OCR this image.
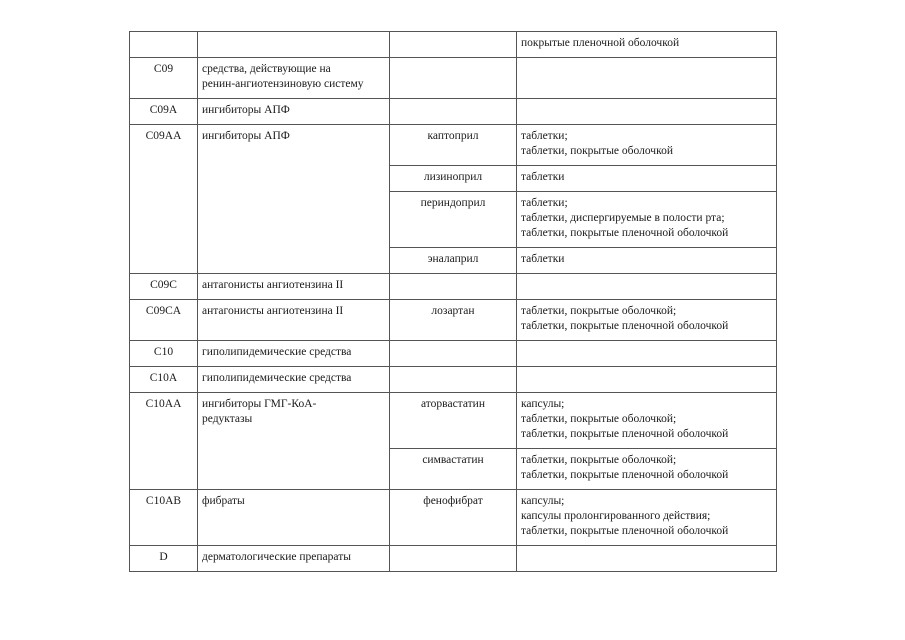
			покрытые пленочной оболочкой

C09	средства, действующие на
ренин-ангиотензиновую систему		

C09A	ингибиторы АПФ		

C09AA	ингибиторы АПФ	каптоприл	таблетки;
таблетки, покрытые оболочкой

		лизиноприл	таблетки

		периндоприл	таблетки;
таблетки, диспергируемые в полости рта;
таблетки, покрытые пленочной оболочкой

		эналаприл	таблетки

C09C	антагонисты ангиотензина II		

C09CA	антагонисты ангиотензина II	лозартан	таблетки, покрытые оболочкой;
таблетки, покрытые пленочной оболочкой

C10	гиполипидемические средства		

C10A	гиполипидемические средства		

C10AA	ингибиторы ГМГ-КоА-
редуктазы	аторвастатин	капсулы;
таблетки, покрытые оболочкой;
таблетки, покрытые пленочной оболочкой

		симвастатин	таблетки, покрытые оболочкой;
таблетки, покрытые пленочной оболочкой

C10AB	фибраты	фенофибрат	капсулы;
капсулы пролонгированного действия;
таблетки, покрытые пленочной оболочкой

D	дерматологические препараты		
